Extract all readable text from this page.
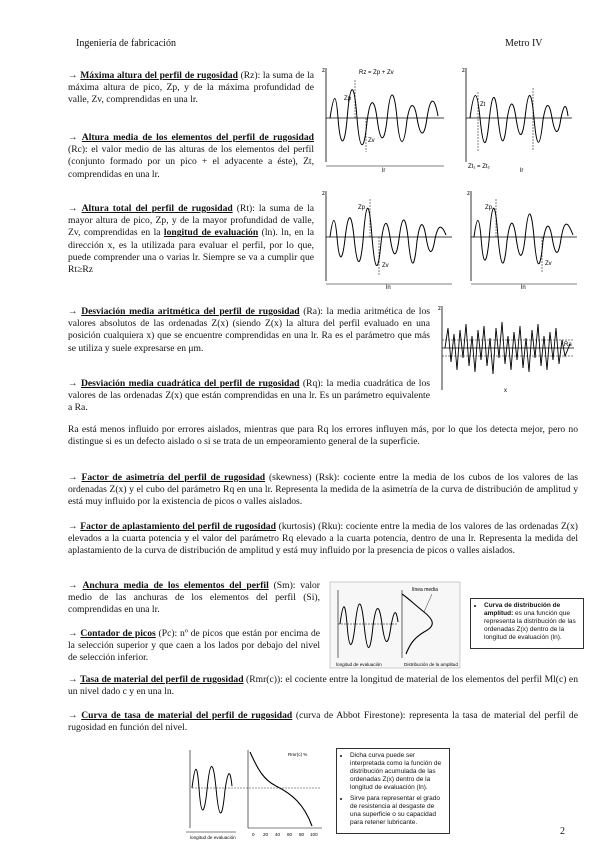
Ingeniería de fabricación	Metro IV
→ Máxima altura del perfil de rugosidad (Rz): la suma de la máxima altura de pico, Zp, y de la máxima profundidad de valle, Zv, comprendidas en una lr.
→ Altura media de los elementos del perfil de rugosidad (Rc): el valor medio de las alturas de los elementos del perfil (conjunto formado por un pico + el adyacente a éste), Zt, comprendidas en una lr.
→ Altura total del perfil de rugosidad (Rt): la suma de la mayor altura de pico, Zp, y de la mayor profundidad de valle, Zv, comprendidas en la longitud de evaluación (ln). ln, en la dirección x, es la utilizada para evaluar el perfil, por lo que, puede comprender una o varias lr. Siempre se va a cumplir que Rt≥Rz
→ Desviación media aritmética del perfil de rugosidad (Ra): la media aritmética de los valores absolutos de las ordenadas Z(x) (siendo Z(x) la altura del perfil evaluado en una posición cualquiera x) que se encuentre comprendidas en una lr. Ra es el parámetro que más se utiliza y suele expresarse en μm.
→ Desviación media cuadrática del perfil de rugosidad (Rq): la media cuadrática de los valores de las ordenadas Z(x) que están comprendidas en una lr. Es un parámetro equivalente a Ra.
Ra está menos influido por errores aislados, mientras que para Rq los errores influyen más, por lo que los detecta mejor, pero no distingue si es un defecto aislado o si se trata de un empeoramiento general de la superficie.
→ Factor de asimetría del perfil de rugosidad (skewness) (Rsk): cociente entre la media de los cubos de los valores de las ordenadas Z(x) y el cubo del parámetro Rq en una lr. Representa la medida de la asimetría de la curva de distribución de amplitud y está muy influido por la existencia de picos o valles aislados.
→ Factor de aplastamiento del perfil de rugosidad (kurtosis) (Rku): cociente entre la media de los valores de las ordenadas Z(x) elevados a la cuarta potencia y el valor del parámetro Rq elevado a la cuarta potencia, dentro de una lr. Representa la medida del aplastamiento de la curva de distribución de amplitud y está muy influido por la presencia de picos o valles aislados.
→ Anchura media de los elementos del perfil (Sm): valor medio de las anchuras de los elementos del perfil (Si), comprendidas en una lr.
→ Contador de picos (Pc): nº de picos que están por encima de la selección superior y que caen a los lados por debajo del nivel de selección inferior.
→ Tasa de material del perfil de rugosidad (Rmr(c)): el cociente entre la longitud de material de los elementos del perfil Ml(c) en un nivel dado c y en una ln.
→ Curva de tasa de material del perfil de rugosidad (curva de Abbot Firestone): representa la tasa de material del perfil de rugosidad en función del nivel.
z	Rz = Zp + Zv
Zp
Zv
lr
z
Zt
Zt₁ = Zt₂
lr
z
Zp
Zv
ln
z
Zp
Zv
ln
z
Ra
x
línea media
longitud de evaluación	Distribución de la amplitud
• Curva de distribución de amplitud: es una función que representa la distribución de las ordenadas Z(x) dentro de la longitud de evaluación (ln).
longitud de evaluación
0 20 40 60 80 100
Rmr(c) %	• Dicha curva puede ser interpretada como la función de distribución acumulada de las ordenadas Z(x) dentro de la longitud de evaluación (ln).
• Sirve para representar el grado de resistencia al desgaste de una superficie o su capacidad para retener lubricante.
2
